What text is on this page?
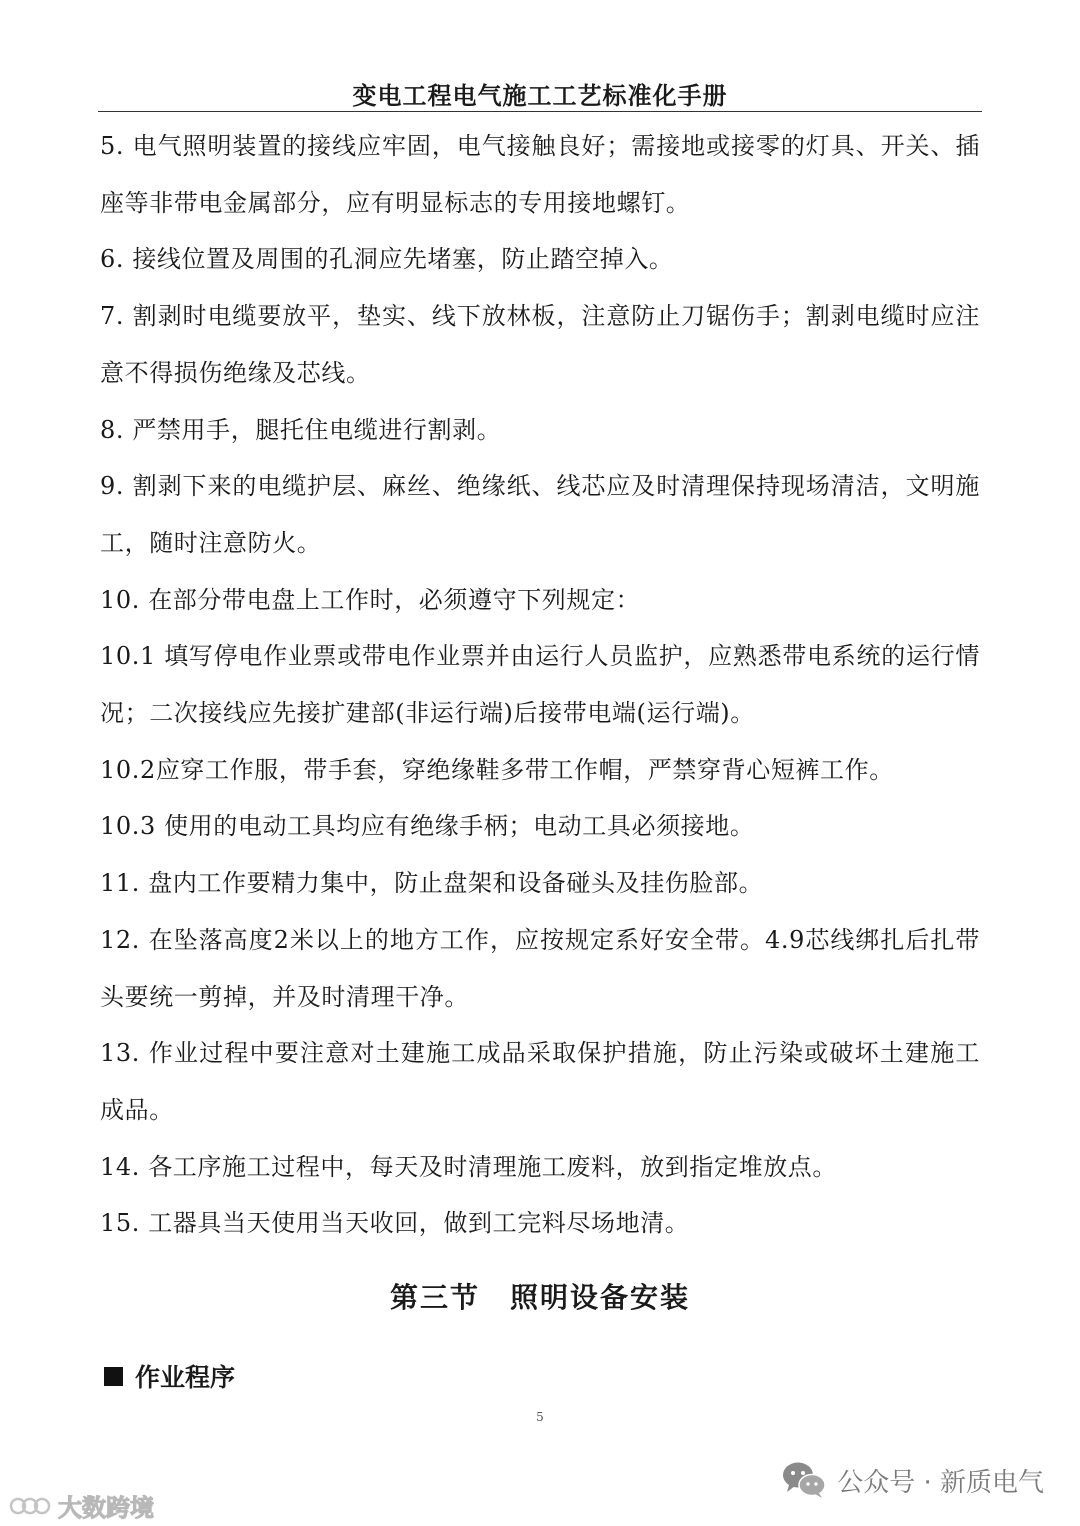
变电工程电气施工工艺标准化手册

5. 电气照明装置的接线应牢固，电气接触良好；需接地或接零的灯具、开关、插座等非带电金属部分，应有明显标志的专用接地螺钉。

6. 接线位置及周围的孔洞应先堵塞，防止踏空掉入。

7. 割剥时电缆要放平，垫实、线下放林板，注意防止刀锯伤手；割剥电缆时应注意不得损伤绝缘及芯线。

8. 严禁用手，腿托住电缆进行割剥。

9. 割剥下来的电缆护层、麻丝、绝缘纸、线芯应及时清理保持现场清洁，文明施工，随时注意防火。

10. 在部分带电盘上工作时，必须遵守下列规定：

10.1 填写停电作业票或带电作业票并由运行人员监护，应熟悉带电系统的运行情况；二次接线应先接扩建部(非运行端)后接带电端(运行端)。

10.2应穿工作服，带手套，穿绝缘鞋多带工作帽，严禁穿背心短裤工作。

10.3 使用的电动工具均应有绝缘手柄；电动工具必须接地。

11. 盘内工作要精力集中，防止盘架和设备碰头及挂伤脸部。

12. 在坠落高度2米以上的地方工作，应按规定系好安全带。4.9芯线绑扎后扎带头要统一剪掉，并及时清理干净。

13. 作业过程中要注意对土建施工成品采取保护措施，防止污染或破坏土建施工成品。

14. 各工序施工过程中，每天及时清理施工废料，放到指定堆放点。

15. 工器具当天使用当天收回，做到工完料尽场地清。

第三节　照明设备安装
作业程序
5
公众号 · 新质电气
大数跨境
